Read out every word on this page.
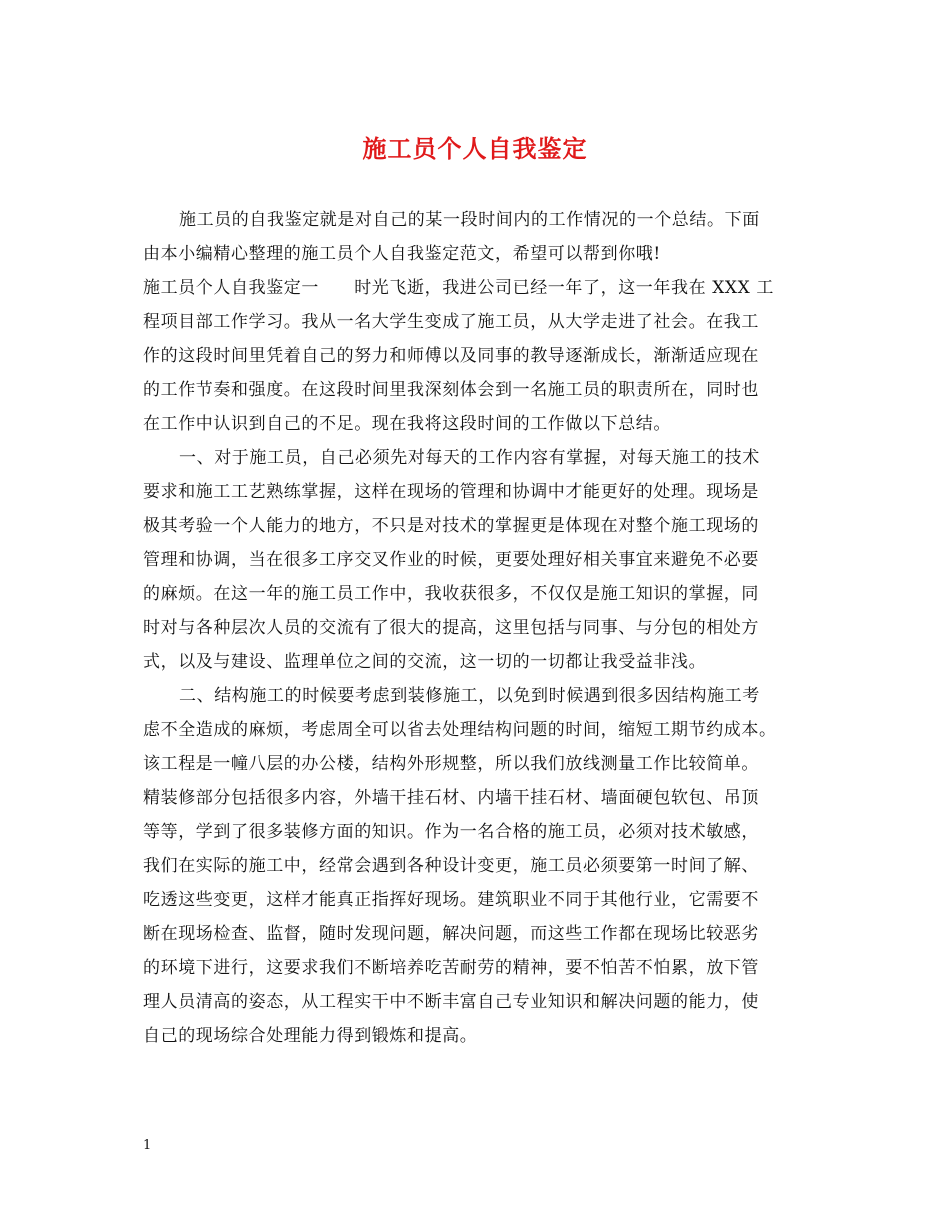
施工员个人自我鉴定
施工员的自我鉴定就是对自己的某一段时间内的工作情况的一个总结。下面
由本小编精心整理的施工员个人自我鉴定范文，希望可以帮到你哦!
施工员个人自我鉴定一　　时光飞逝，我进公司已经一年了，这一年我在 XXX 工
程项目部工作学习。我从一名大学生变成了施工员，从大学走进了社会。在我工
作的这段时间里凭着自己的努力和师傅以及同事的教导逐渐成长，渐渐适应现在
的工作节奏和强度。在这段时间里我深刻体会到一名施工员的职责所在，同时也
在工作中认识到自己的不足。现在我将这段时间的工作做以下总结。
一、对于施工员，自己必须先对每天的工作内容有掌握，对每天施工的技术
要求和施工工艺熟练掌握，这样在现场的管理和协调中才能更好的处理。现场是
极其考验一个人能力的地方，不只是对技术的掌握更是体现在对整个施工现场的
管理和协调，当在很多工序交叉作业的时候，更要处理好相关事宜来避免不必要
的麻烦。在这一年的施工员工作中，我收获很多，不仅仅是施工知识的掌握，同
时对与各种层次人员的交流有了很大的提高，这里包括与同事、与分包的相处方
式，以及与建设、监理单位之间的交流，这一切的一切都让我受益非浅。
二、结构施工的时候要考虑到装修施工，以免到时候遇到很多因结构施工考
虑不全造成的麻烦，考虑周全可以省去处理结构问题的时间，缩短工期节约成本。
该工程是一幢八层的办公楼，结构外形规整，所以我们放线测量工作比较简单。
精装修部分包括很多内容，外墙干挂石材、内墙干挂石材、墙面硬包软包、吊顶
等等，学到了很多装修方面的知识。作为一名合格的施工员，必须对技术敏感，
我们在实际的施工中，经常会遇到各种设计变更，施工员必须要第一时间了解、
吃透这些变更，这样才能真正指挥好现场。建筑职业不同于其他行业，它需要不
断在现场检查、监督，随时发现问题，解决问题，而这些工作都在现场比较恶劣
的环境下进行，这要求我们不断培养吃苦耐劳的精神，要不怕苦不怕累，放下管
理人员清高的姿态，从工程实干中不断丰富自己专业知识和解决问题的能力，使
自己的现场综合处理能力得到锻炼和提高。
1
